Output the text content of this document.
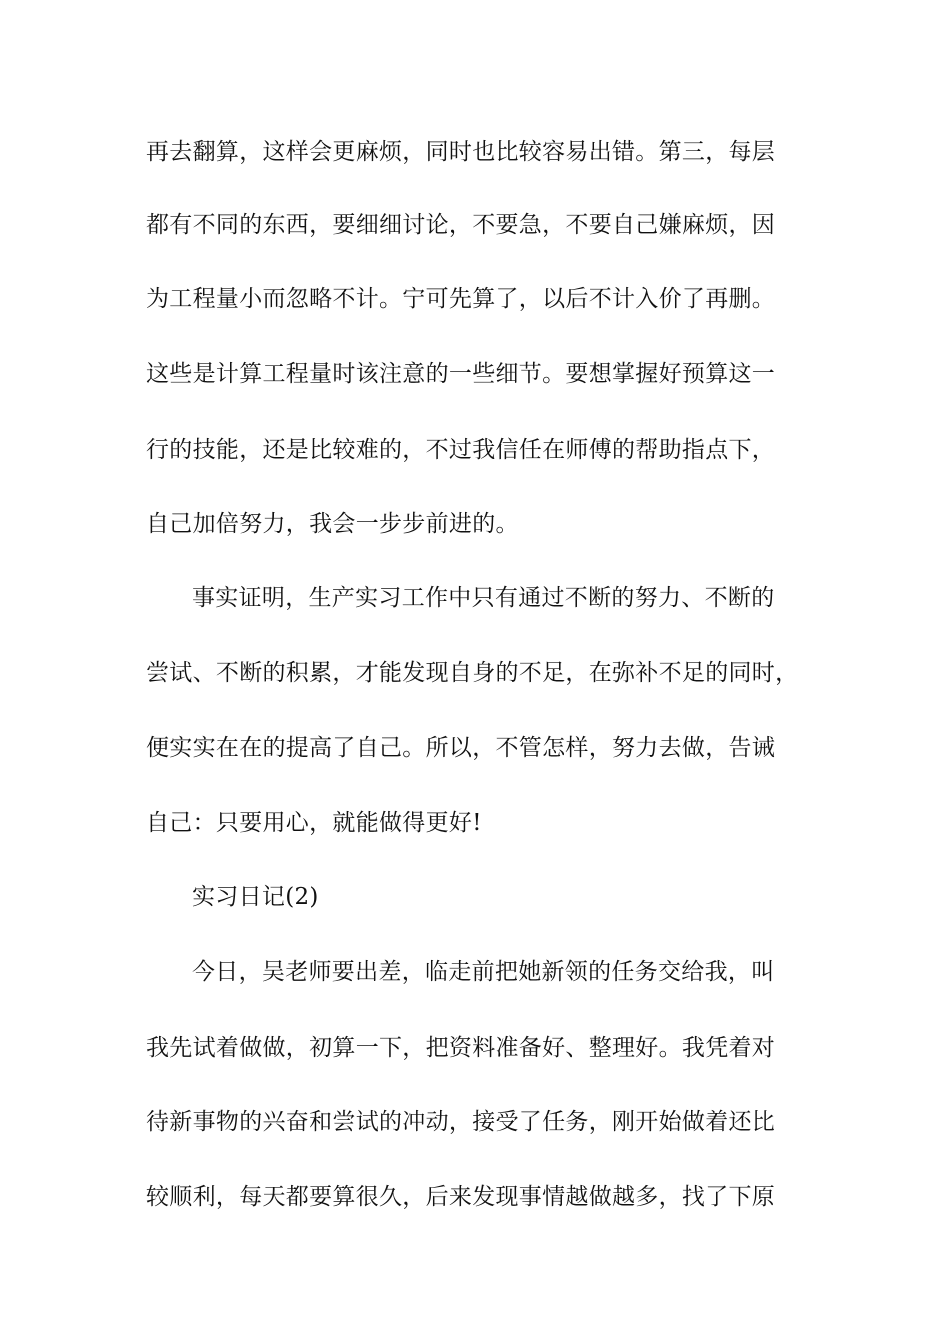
再去翻算，这样会更麻烦，同时也比较容易出错。第三，每层
都有不同的东西，要细细讨论，不要急，不要自己嫌麻烦，因
为工程量小而忽略不计。宁可先算了，以后不计入价了再删。
这些是计算工程量时该注意的一些细节。要想掌握好预算这一
行的技能，还是比较难的，不过我信任在师傅的帮助指点下，
自己加倍努力，我会一步步前进的。
事实证明，生产实习工作中只有通过不断的努力、不断的
尝试、不断的积累，才能发现自身的不足，在弥补不足的同时，
便实实在在的提高了自己。所以，不管怎样，努力去做，告诫
自己：只要用心，就能做得更好!
实习日记(2)
今日，吴老师要出差，临走前把她新领的任务交给我，叫
我先试着做做，初算一下，把资料准备好、整理好。我凭着对
待新事物的兴奋和尝试的冲动，接受了任务，刚开始做着还比
较顺利，每天都要算很久，后来发现事情越做越多，找了下原
